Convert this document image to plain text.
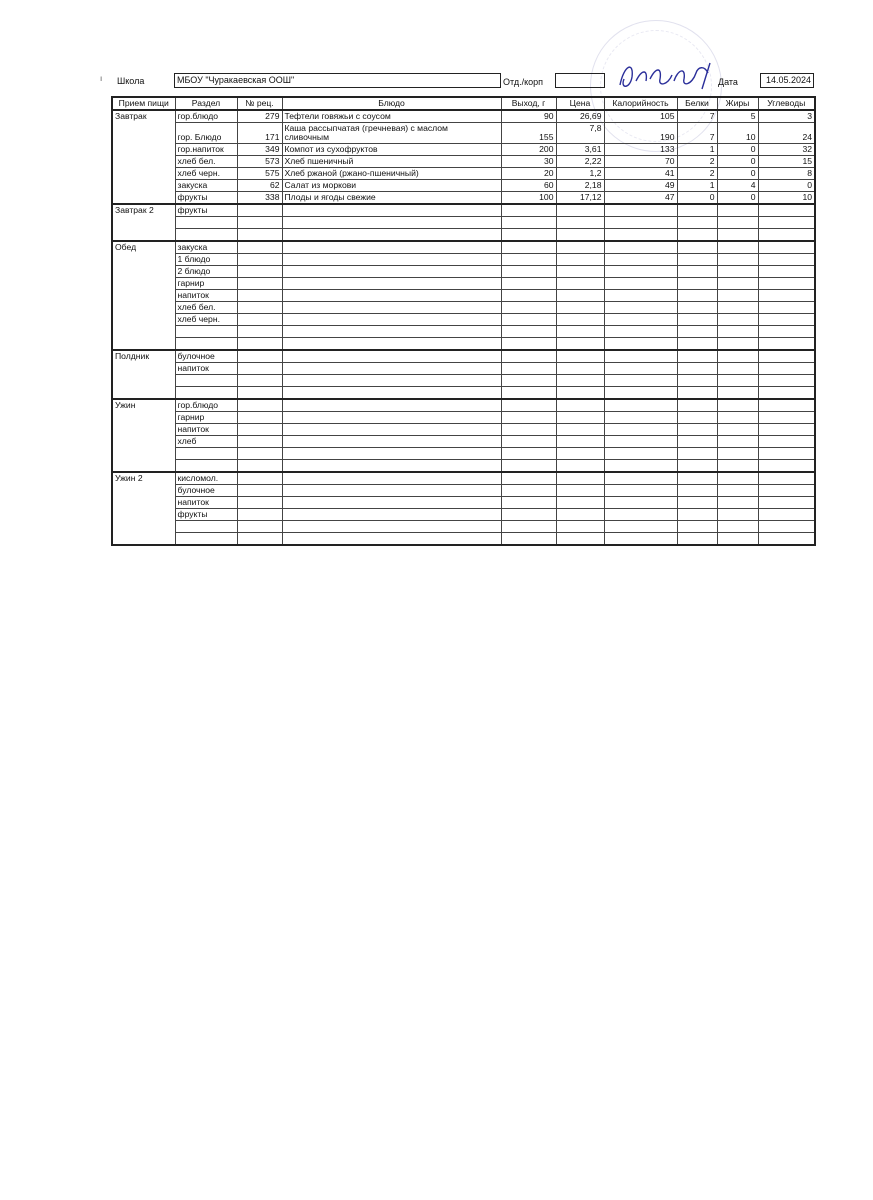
ı Школа	МБОУ "Чуракаевская ООШ"	Отд./корп	Дата	14.05.2024
Прием пищи	Раздел	№ рец.	Блюдо	Выход, г	Цена	Калорийность	Белки	Жиры	Углеводы
Завтрак	гор.блюдо	279	Тефтели говяжьи с соусом	90	26,69	105	7	5	3
	гор. Блюдо	171	Каша рассыпчатая (гречневая) с маслом
сливочным	155	7,8	190	7	10	24
	гор.напиток	349	Компот из сухофруктов	200	3,61	133	1	0	32
	хлеб бел.	573	Хлеб пшеничный	30	2,22	70	2	0	15
	хлеб черн.	575	Хлеб ржаной (ржано-пшеничный)	20	1,2	41	2	0	8
	закуска	62	Салат из моркови	60	2,18	49	1	4	0
	фрукты	338	Плоды и ягоды свежие	100	17,12	47	0	0	10
Завтрак 2	фрукты								

Обед	закуска								
	1 блюдо								
	2 блюдо								
	гарнир								
	напиток								
	хлеб бел.								
	хлеб черн.								

Полдник	булочное								
	напиток								

Ужин	гор.блюдо								
	гарнир								
	напиток								
	хлеб								

Ужин 2	кисломол.								
	булочное								
	напиток								
	фрукты								
